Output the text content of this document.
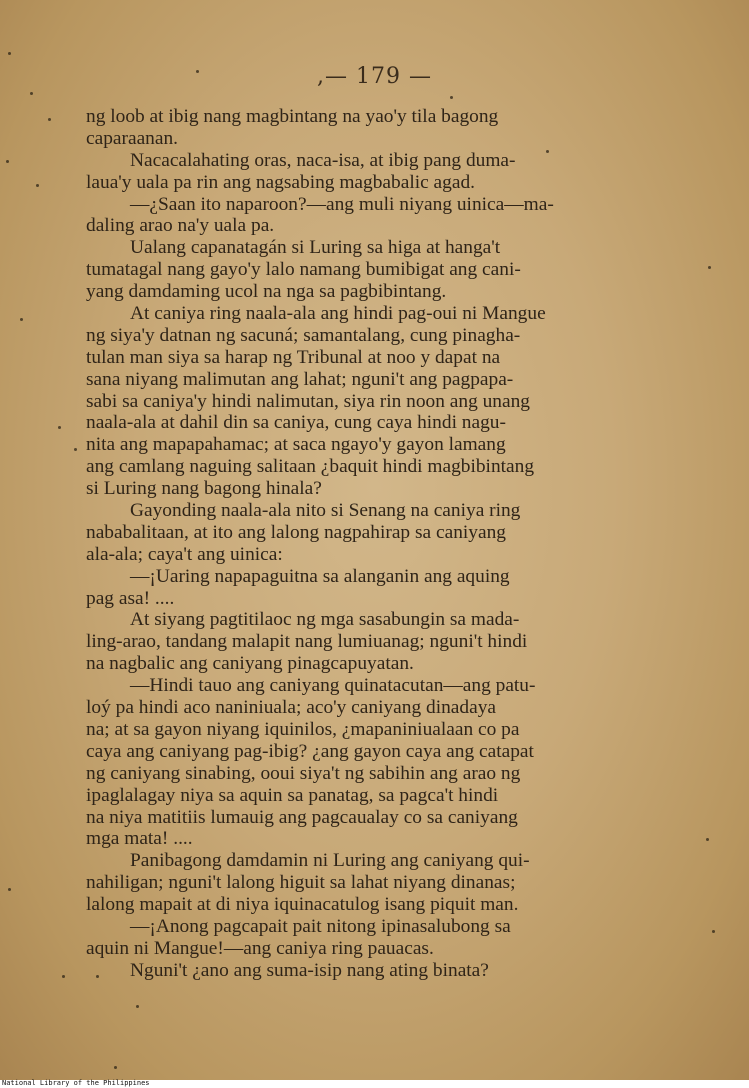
,— 179 —
ng loob at ibig nang magbintang na yao'y tila bagong
caparaanan.
Nacacalahating oras, naca-isa, at ibig pang duma-
laua'y uala pa rin ang nagsabing magbabalic agad.
—¿Saan ito naparoon?—ang muli niyang uinica—ma-
daling arao na'y uala pa.
Ualang capanatagán si Luring sa higa at hanga't
tumatagal nang gayo'y lalo namang bumibigat ang cani-
yang damdaming ucol na nga sa pagbibintang.
At caniya ring naala-ala ang hindi pag-oui ni Mangue
ng siya'y datnan ng sacuná; samantalang, cung pinagha-
tulan man siya sa harap ng Tribunal at noo y dapat na
sana niyang malimutan ang lahat; nguni't ang pagpapa-
sabi sa caniya'y hindi nalimutan, siya rin noon ang unang
naala-ala at dahil din sa caniya, cung caya hindi nagu-
nita ang mapapahamac; at saca ngayo'y gayon lamang
ang camlang naguing salitaan ¿baquit hindi magbibintang
si Luring nang bagong hinala?
Gayonding naala-ala nito si Senang na caniya ring
nababalitaan, at ito ang lalong nagpahirap sa caniyang
ala-ala; caya't ang uinica:
—¡Uaring napapaguitna sa alanganin ang aquing
pag asa! ....
At siyang pagtitilaoc ng mga sasabungin sa mada-
ling-arao, tandang malapit nang lumiuanag; nguni't hindi
na nagbalic ang caniyang pinagcapuyatan.
—Hindi tauo ang caniyang quinatacutan—ang patu-
loý pa hindi aco naniniuala; aco'y caniyang dinadaya
na; at sa gayon niyang iquinilos, ¿mapaniniualaan co pa
caya ang caniyang pag-ibig? ¿ang gayon caya ang catapat
ng caniyang sinabing, ooui siya't ng sabihin ang arao ng
ipaglalagay niya sa aquin sa panatag, sa pagca't hindi
na niya matitiis lumauig ang pagcaualay co sa caniyang
mga mata! ....
Panibagong damdamin ni Luring ang caniyang qui-
nahiligan; nguni't lalong higuit sa lahat niyang dinanas;
lalong mapait at di niya iquinacatulog isang piquit man.
—¡Anong pagcapait pait nitong ipinasalubong sa
aquin ni Mangue!—ang caniya ring pauacas.
Nguni't ¿ano ang suma-isip nang ating binata?
National Library of the Philippines
